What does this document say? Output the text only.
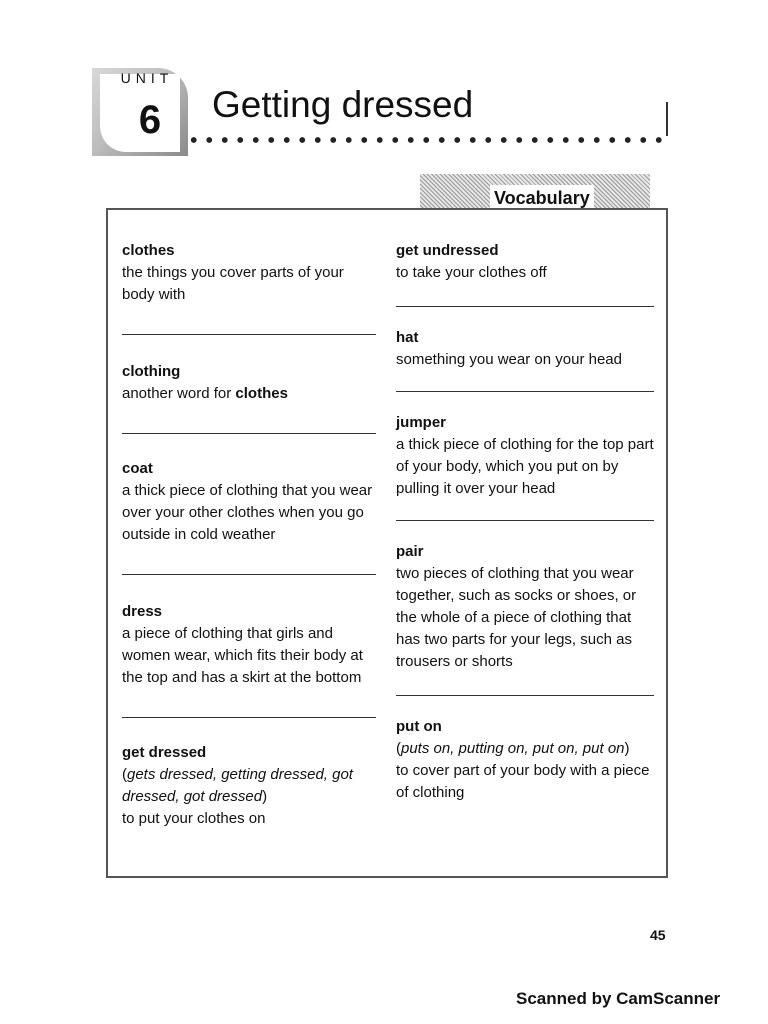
UNIT
6 Getting dressed
Vocabulary
clothes
the things you cover parts of your body with
clothing
another word for clothes
coat
a thick piece of clothing that you wear over your other clothes when you go outside in cold weather
dress
a piece of clothing that girls and women wear, which fits their body at the top and has a skirt at the bottom
get dressed
(gets dressed, getting dressed, got dressed, got dressed)
to put your clothes on
get undressed
to take your clothes off
hat
something you wear on your head
jumper
a thick piece of clothing for the top part of your body, which you put on by pulling it over your head
pair
two pieces of clothing that you wear together, such as socks or shoes, or the whole of a piece of clothing that has two parts for your legs, such as trousers or shorts
put on
(puts on, putting on, put on, put on)
to cover part of your body with a piece of clothing
45
Scanned by CamScanner
